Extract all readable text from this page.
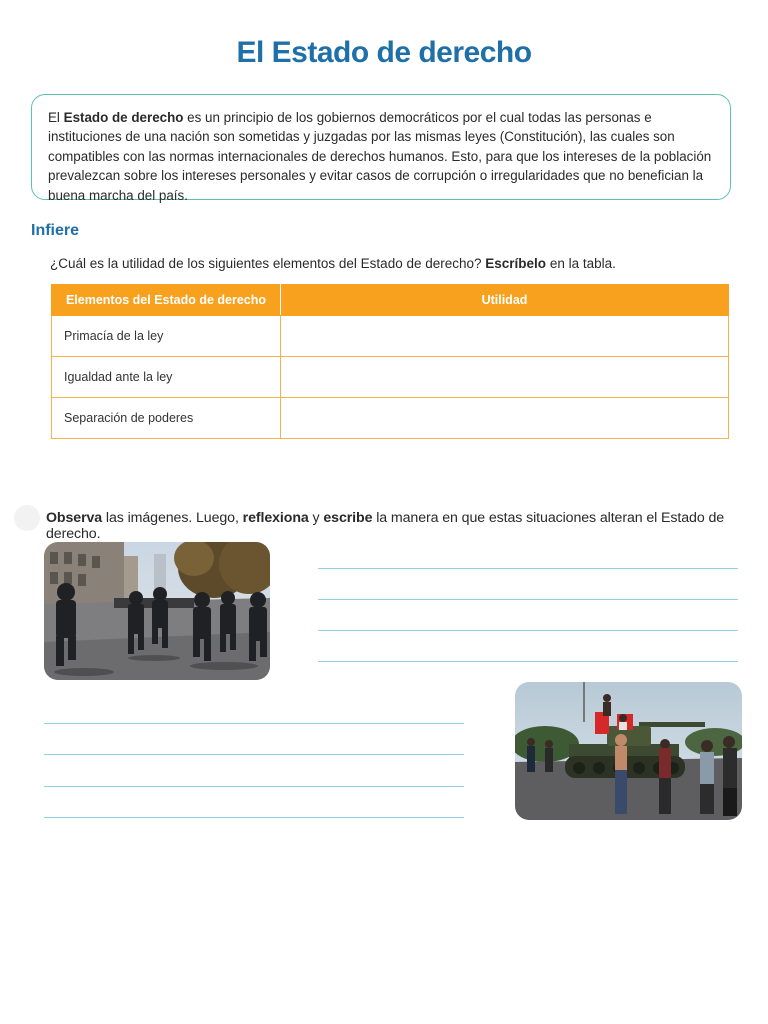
El Estado de derecho
El Estado de derecho es un principio de los gobiernos democráticos por el cual todas las personas e instituciones de una nación son sometidas y juzgadas por las mismas leyes (Constitución), las cuales son compatibles con las normas internacionales de derechos humanos. Esto, para que los intereses de la población prevalezcan sobre los intereses personales y evitar casos de corrupción o irregularidades que no benefician la buena marcha del país.
Infiere
¿Cuál es la utilidad de los siguientes elementos del Estado de derecho? Escríbelo en la tabla.
Elementos del Estado de derecho	Utilidad
Primacía de la ley	
Igualdad ante la ley	
Separación de poderes	
Observa las imágenes. Luego, reflexiona y escribe la manera en que estas situaciones alteran el Estado de derecho.
